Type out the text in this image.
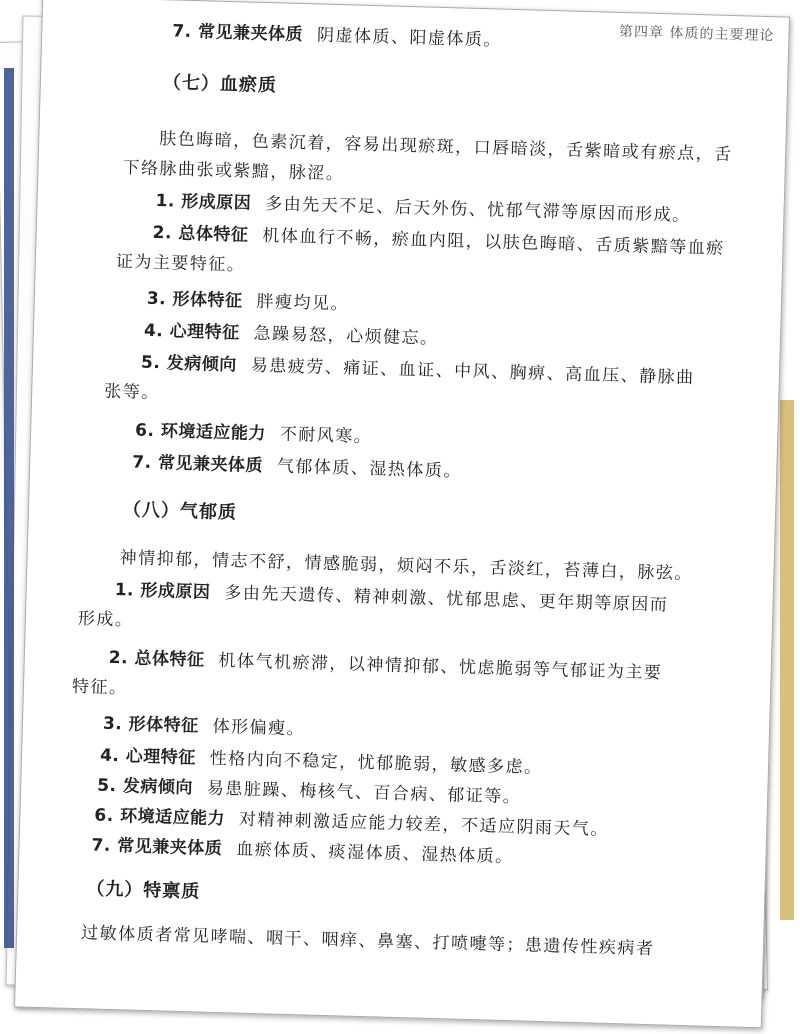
第四章 体质的主要理论
7. 常见兼夹体质 阴虚体质、阳虚体质。
（七）血瘀质
肤色晦暗，色素沉着，容易出现瘀斑，口唇暗淡，舌紫暗或有瘀点，舌
下络脉曲张或紫黯，脉涩。
1. 形成原因 多由先天不足、后天外伤、忧郁气滞等原因而形成。
2. 总体特征 机体血行不畅，瘀血内阻，以肤色晦暗、舌质紫黯等血瘀
证为主要特征。
3. 形体特征 胖瘦均见。
4. 心理特征 急躁易怒，心烦健忘。
5. 发病倾向 易患疲劳、痛证、血证、中风、胸痹、高血压、静脉曲
张等。
6. 环境适应能力 不耐风寒。
7. 常见兼夹体质 气郁体质、湿热体质。
（八）气郁质
神情抑郁，情志不舒，情感脆弱，烦闷不乐，舌淡红，苔薄白，脉弦。
1. 形成原因 多由先天遗传、精神刺激、忧郁思虑、更年期等原因而
形成。
2. 总体特征 机体气机瘀滞，以神情抑郁、忧虑脆弱等气郁证为主要
特征。
3. 形体特征 体形偏瘦。
4. 心理特征 性格内向不稳定，忧郁脆弱，敏感多虑。
5. 发病倾向 易患脏躁、梅核气、百合病、郁证等。
6. 环境适应能力 对精神刺激适应能力较差，不适应阴雨天气。
7. 常见兼夹体质 血瘀体质、痰湿体质、湿热体质。
（九）特禀质
过敏体质者常见哮喘、咽干、咽痒、鼻塞、打喷嚏等；患遗传性疾病者
